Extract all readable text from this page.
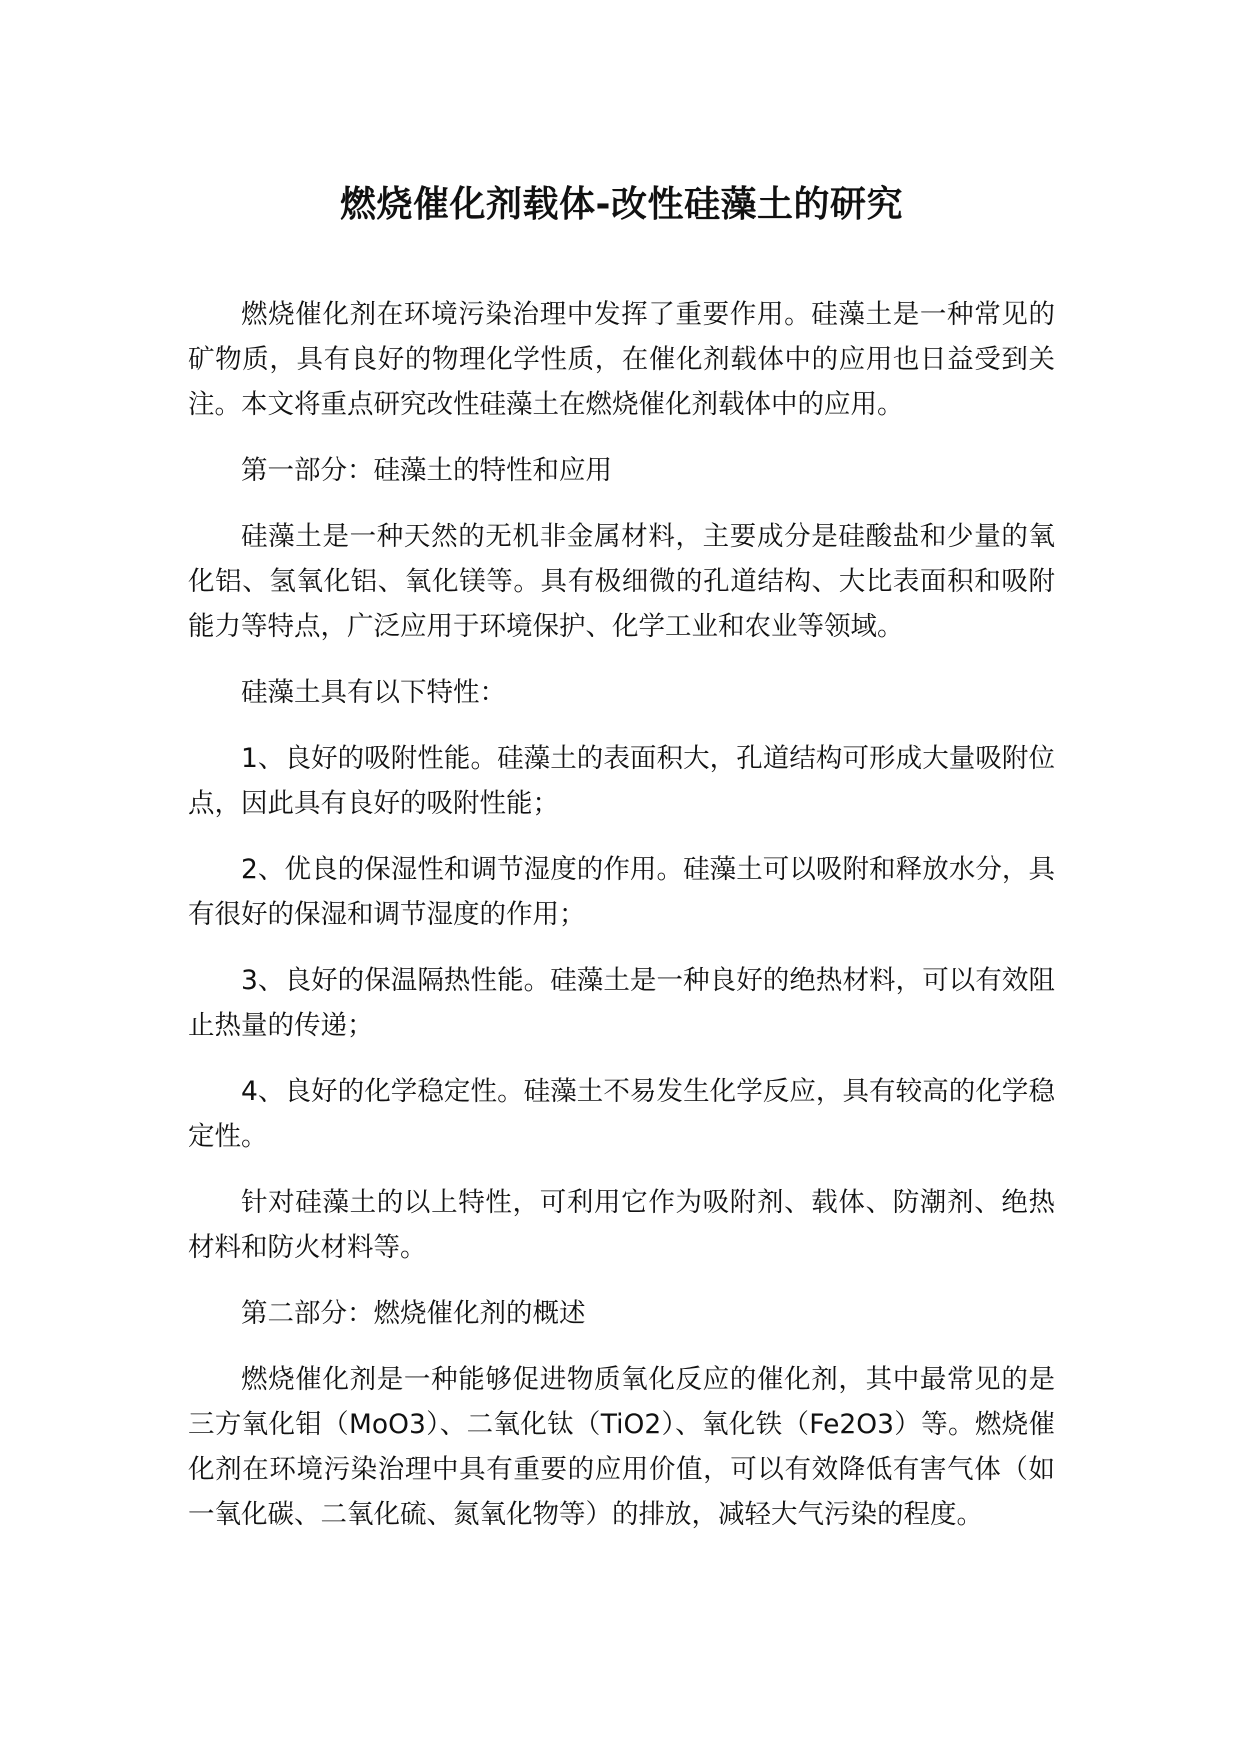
燃烧催化剂载体-改性硅藻土的研究

燃烧催化剂在环境污染治理中发挥了重要作用。硅藻土是一种常见的矿物质，具有良好的物理化学性质，在催化剂载体中的应用也日益受到关注。本文将重点研究改性硅藻土在燃烧催化剂载体中的应用。

第一部分：硅藻土的特性和应用

硅藻土是一种天然的无机非金属材料，主要成分是硅酸盐和少量的氧化铝、氢氧化铝、氧化镁等。具有极细微的孔道结构、大比表面积和吸附能力等特点，广泛应用于环境保护、化学工业和农业等领域。

硅藻土具有以下特性：

1、良好的吸附性能。硅藻土的表面积大，孔道结构可形成大量吸附位点，因此具有良好的吸附性能；

2、优良的保湿性和调节湿度的作用。硅藻土可以吸附和释放水分，具有很好的保湿和调节湿度的作用；

3、良好的保温隔热性能。硅藻土是一种良好的绝热材料，可以有效阻止热量的传递；

4、良好的化学稳定性。硅藻土不易发生化学反应，具有较高的化学稳定性。

针对硅藻土的以上特性，可利用它作为吸附剂、载体、防潮剂、绝热材料和防火材料等。

第二部分：燃烧催化剂的概述

燃烧催化剂是一种能够促进物质氧化反应的催化剂，其中最常见的是三方氧化钼（MoO3）、二氧化钛（TiO2）、氧化铁（Fe2O3）等。燃烧催化剂在环境污染治理中具有重要的应用价值，可以有效降低有害气体（如一氧化碳、二氧化硫、氮氧化物等）的排放，减轻大气污染的程度。
